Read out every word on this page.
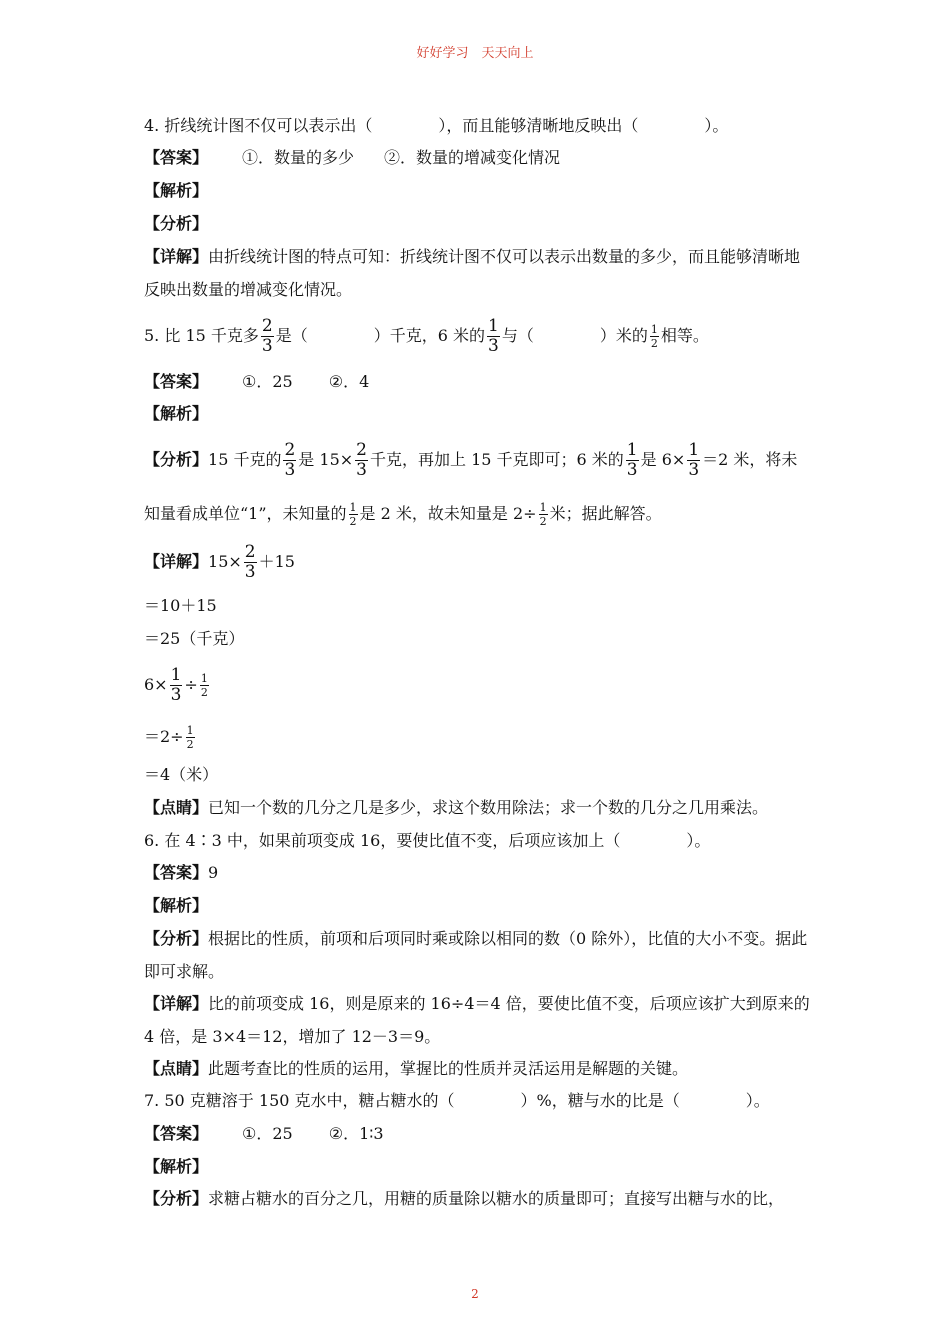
好好学习　天天向上
4. 折线统计图不仅可以表示出（	），而且能够清晰地反映出（	）。
【答案】 ①．数量的多少 ②．数量的增减变化情况
【解析】
【分析】
【详解】由折线统计图的特点可知：折线统计图不仅可以表示出数量的多少，而且能够清晰地反映出数量的增减变化情况。
5. 比 15 千克多 $\frac{2}{3}$ 是（	）千克，6 米的 $\frac{1}{3}$ 与（	）米的 $\frac{1}{2}$ 相等。
【答案】 ①．25 ②．4
【解析】
【分析】15 千克的 $\frac{2}{3}$ 是 $15\times \frac{2}{3}$ 千克，再加上 15 千克即可；6 米的 $\frac{1}{3}$ 是 $6\times \frac{1}{3} =2$ 米，将未
知量看成单位“1”，未知量的 $\frac{1}{2}$ 是 2 米，故未知量是 $2\div \frac{1}{2}$ 米；据此解答。
【详解】$15\times \frac{2}{3} +15$
＝10＋15
＝25（千克）
$6\times \frac{1}{3} \div \frac{1}{2}$
$=2\div \frac{1}{2}$
＝4（米）
【点睛】已知一个数的几分之几是多少，求这个数用除法；求一个数的几分之几用乘法。
6. 在 4∶3 中，如果前项变成 16，要使比值不变，后项应该加上（	）。
【答案】9
【解析】
【分析】根据比的性质，前项和后项同时乘或除以相同的数（0 除外），比值的大小不变。据此即可求解。
【详解】比的前项变成 16，则是原来的 16÷4＝4 倍，要使比值不变，后项应该扩大到原来的 4 倍，是 3×4＝12，增加了 12－3＝9。
【点睛】此题考查比的性质的运用，掌握比的性质并灵活运用是解题的关键。
7. 50 克糖溶于 150 克水中，糖占糖水的（	）%，糖与水的比是（	）。
【答案】 ①．25 ②．1∶3
【解析】
【分析】求糖占糖水的百分之几，用糖的质量除以糖水的质量即可；直接写出糖与水的比，
2
